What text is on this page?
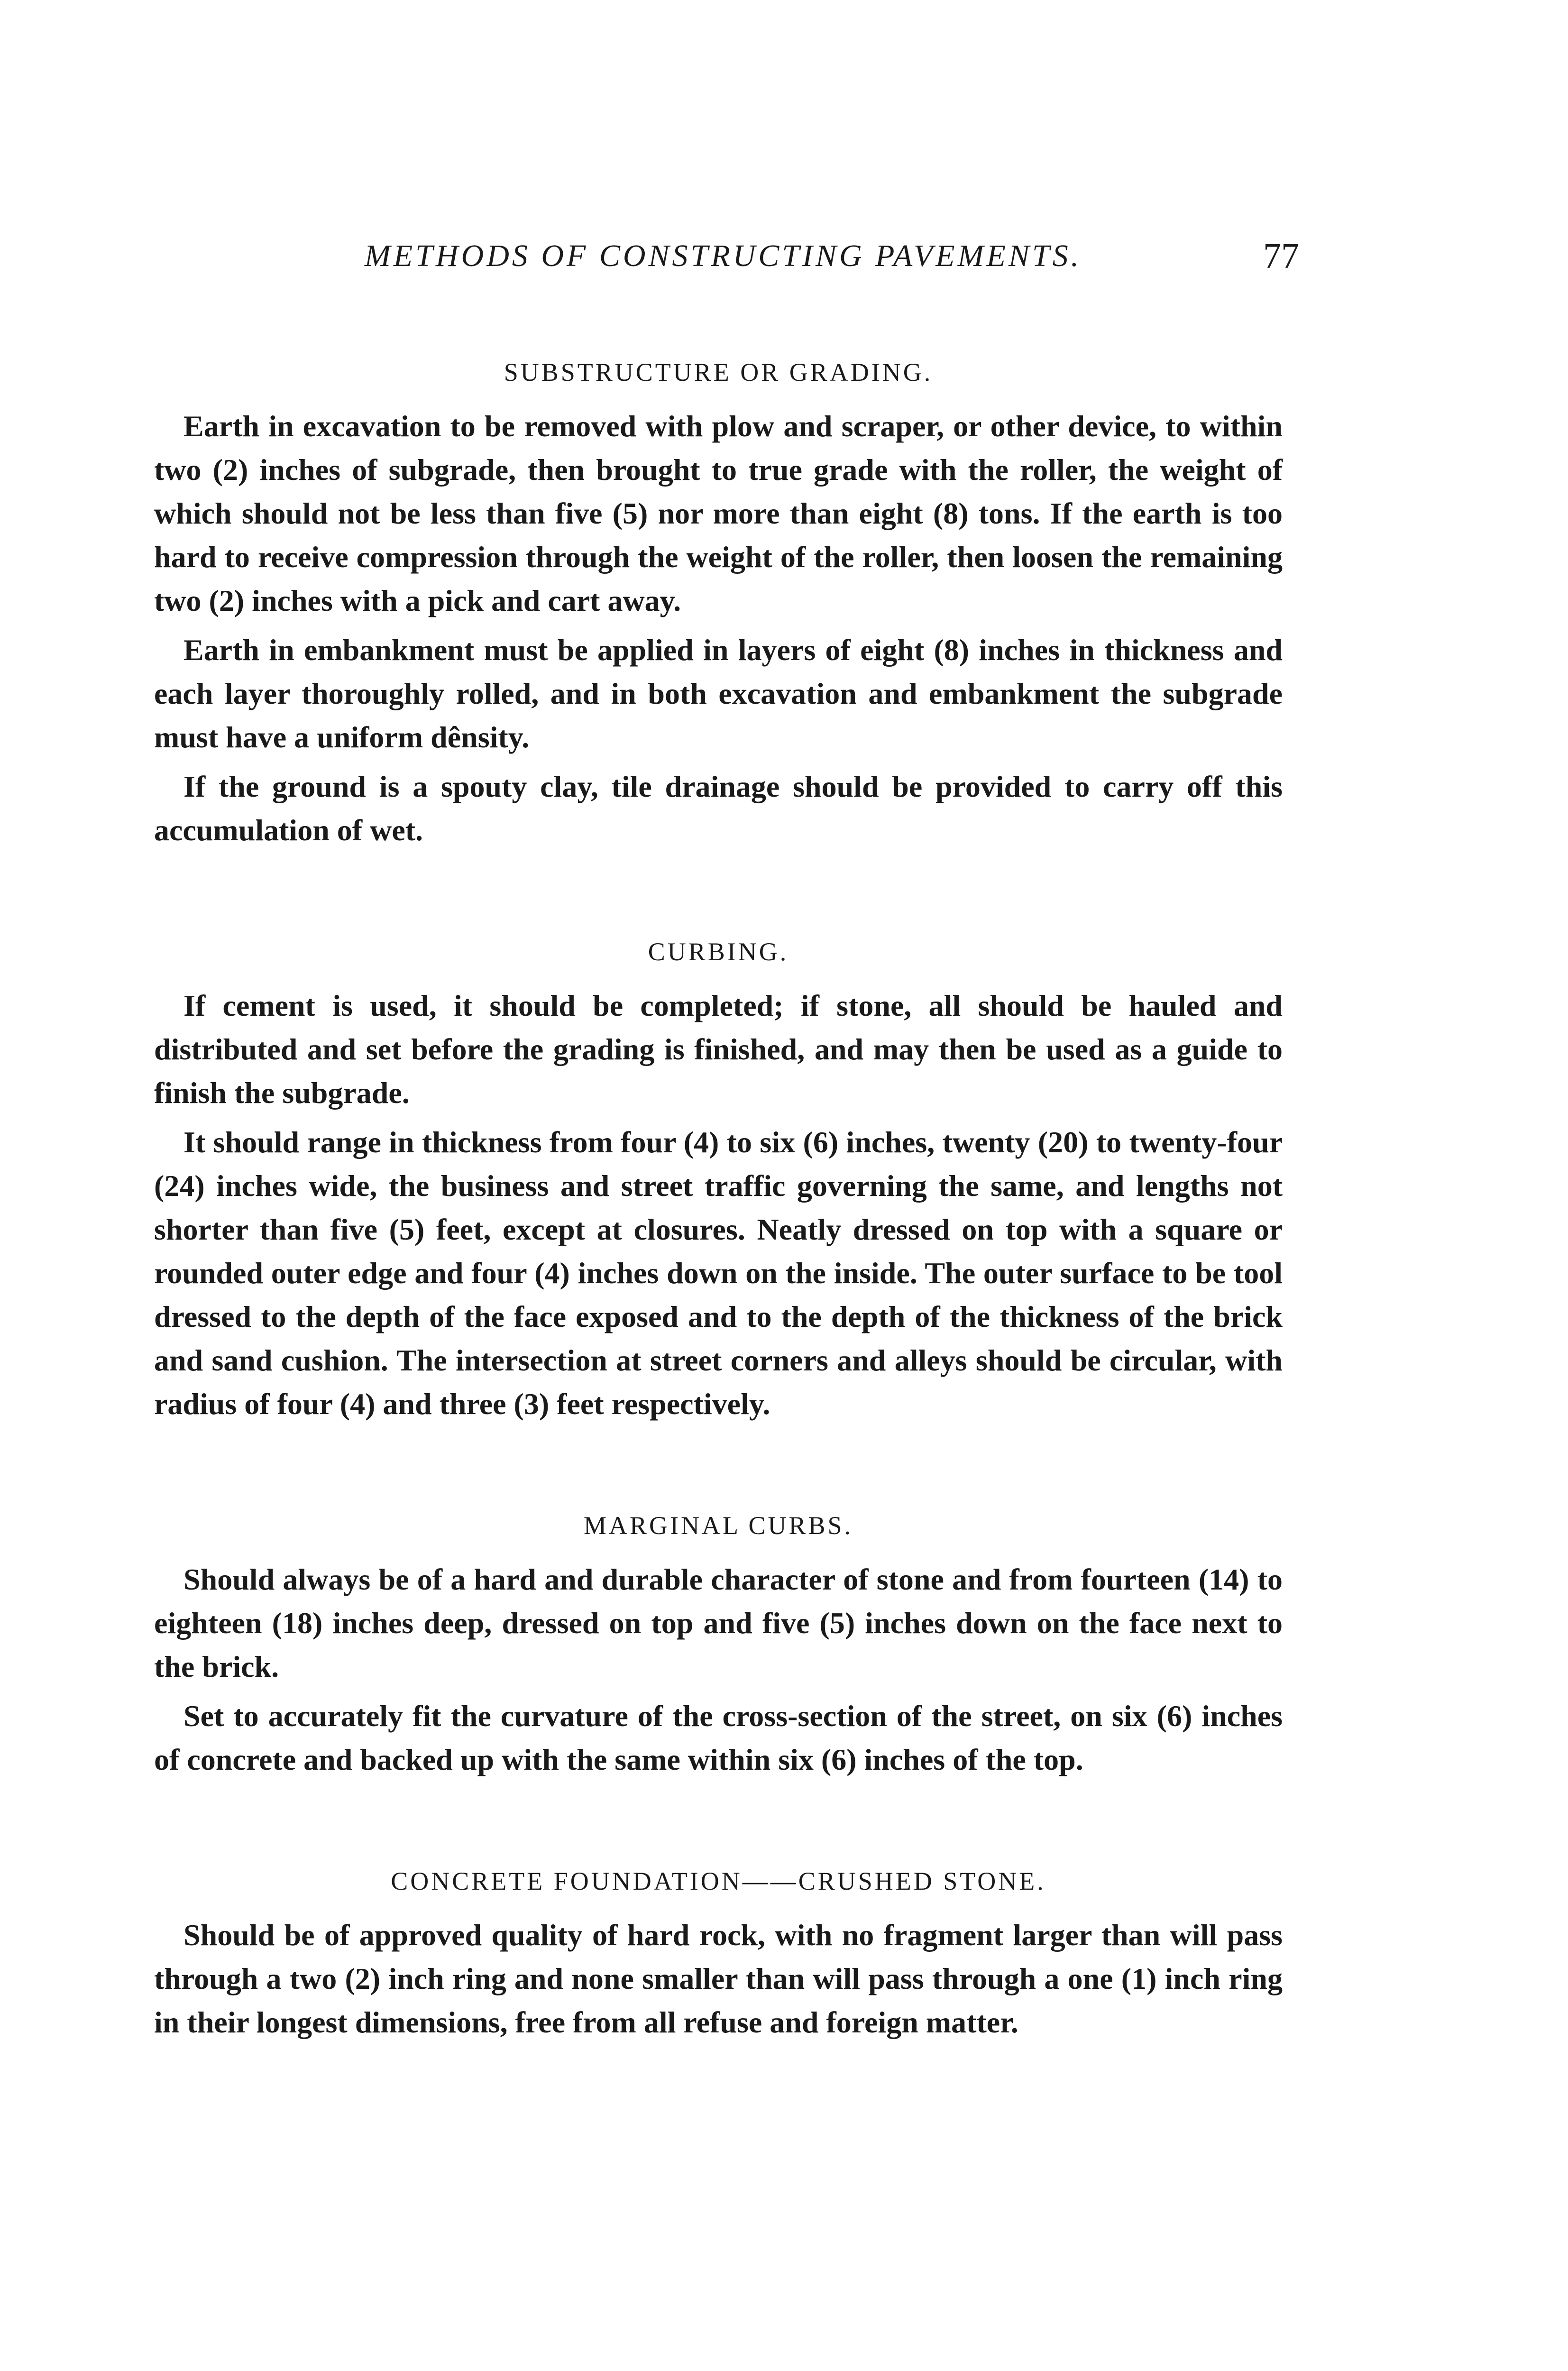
METHODS OF CONSTRUCTING PAVEMENTS.	77
SUBSTRUCTURE OR GRADING.

Earth in excavation to be removed with plow and scraper, or other device, to within two (2) inches of subgrade, then brought to true grade with the roller, the weight of which should not be less than five (5) nor more than eight (8) tons. If the earth is too hard to receive compression through the weight of the roller, then loosen the remaining two (2) inches with a pick and cart away.

Earth in embankment must be applied in layers of eight (8) inches in thickness and each layer thoroughly rolled, and in both excavation and embankment the subgrade must have a uniform dênsity.

If the ground is a spouty clay, tile drainage should be provided to carry off this accumulation of wet.

CURBING.

If cement is used, it should be completed; if stone, all should be hauled and distributed and set before the grading is finished, and may then be used as a guide to finish the subgrade.

It should range in thickness from four (4) to six (6) inches, twenty (20) to twenty-four (24) inches wide, the business and street traffic governing the same, and lengths not shorter than five (5) feet, except at closures. Neatly dressed on top with a square or rounded outer edge and four (4) inches down on the inside. The outer surface to be tool dressed to the depth of the face exposed and to the depth of the thickness of the brick and sand cushion. The intersection at street corners and alleys should be circular, with radius of four (4) and three (3) feet respectively.

MARGINAL CURBS.

Should always be of a hard and durable character of stone and from fourteen (14) to eighteen (18) inches deep, dressed on top and five (5) inches down on the face next to the brick.

Set to accurately fit the curvature of the cross-section of the street, on six (6) inches of concrete and backed up with the same within six (6) inches of the top.

CONCRETE FOUNDATION——CRUSHED STONE.

Should be of approved quality of hard rock, with no fragment larger than will pass through a two (2) inch ring and none smaller than will pass through a one (1) inch ring in their longest dimensions, free from all refuse and foreign matter.
